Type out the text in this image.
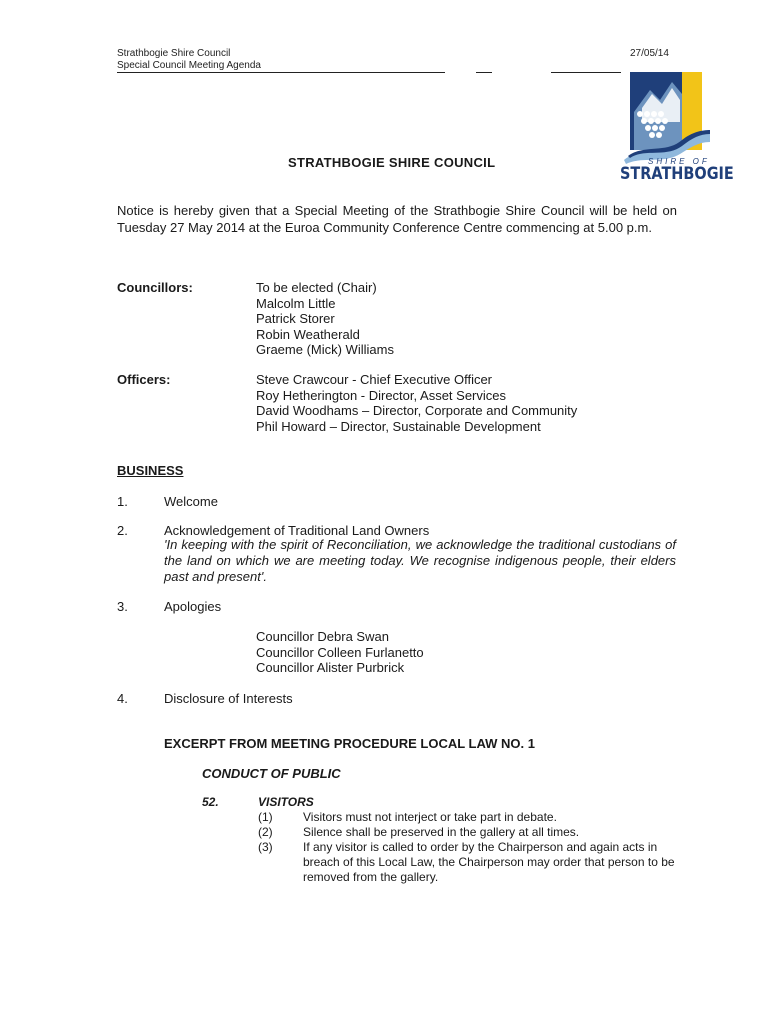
Strathbogie Shire Council
Special Council Meeting Agenda
27/05/14
SHIRE OF
STRATHBOGIE
STRATHBOGIE SHIRE COUNCIL
Notice is hereby given that a Special Meeting of the Strathbogie Shire Council will be held on Tuesday 27 May 2014 at the Euroa Community Conference Centre commencing at 5.00 p.m.
Councillors:	To be elected (Chair)
Malcolm Little
Patrick Storer
Robin Weatherald
Graeme (Mick) Williams
Officers:	Steve Crawcour - Chief Executive Officer
Roy Hetherington - Director, Asset Services
David Woodhams – Director, Corporate and Community
Phil Howard – Director, Sustainable Development
BUSINESS
1.	Welcome
2.	Acknowledgement of Traditional Land Owners
'In keeping with the spirit of Reconciliation, we acknowledge the traditional custodians of the land on which we are meeting today. We recognise indigenous people, their elders past and present'.
3.	Apologies
Councillor Debra Swan
Councillor Colleen Furlanetto
Councillor Alister Purbrick
4.	Disclosure of Interests
EXCERPT FROM MEETING PROCEDURE LOCAL LAW NO. 1
CONDUCT OF PUBLIC
52.	VISITORS
(1)	Visitors must not interject or take part in debate.
(2)	Silence shall be preserved in the gallery at all times.
(3)	If any visitor is called to order by the Chairperson and again acts in breach of this Local Law, the Chairperson may order that person to be removed from the gallery.
